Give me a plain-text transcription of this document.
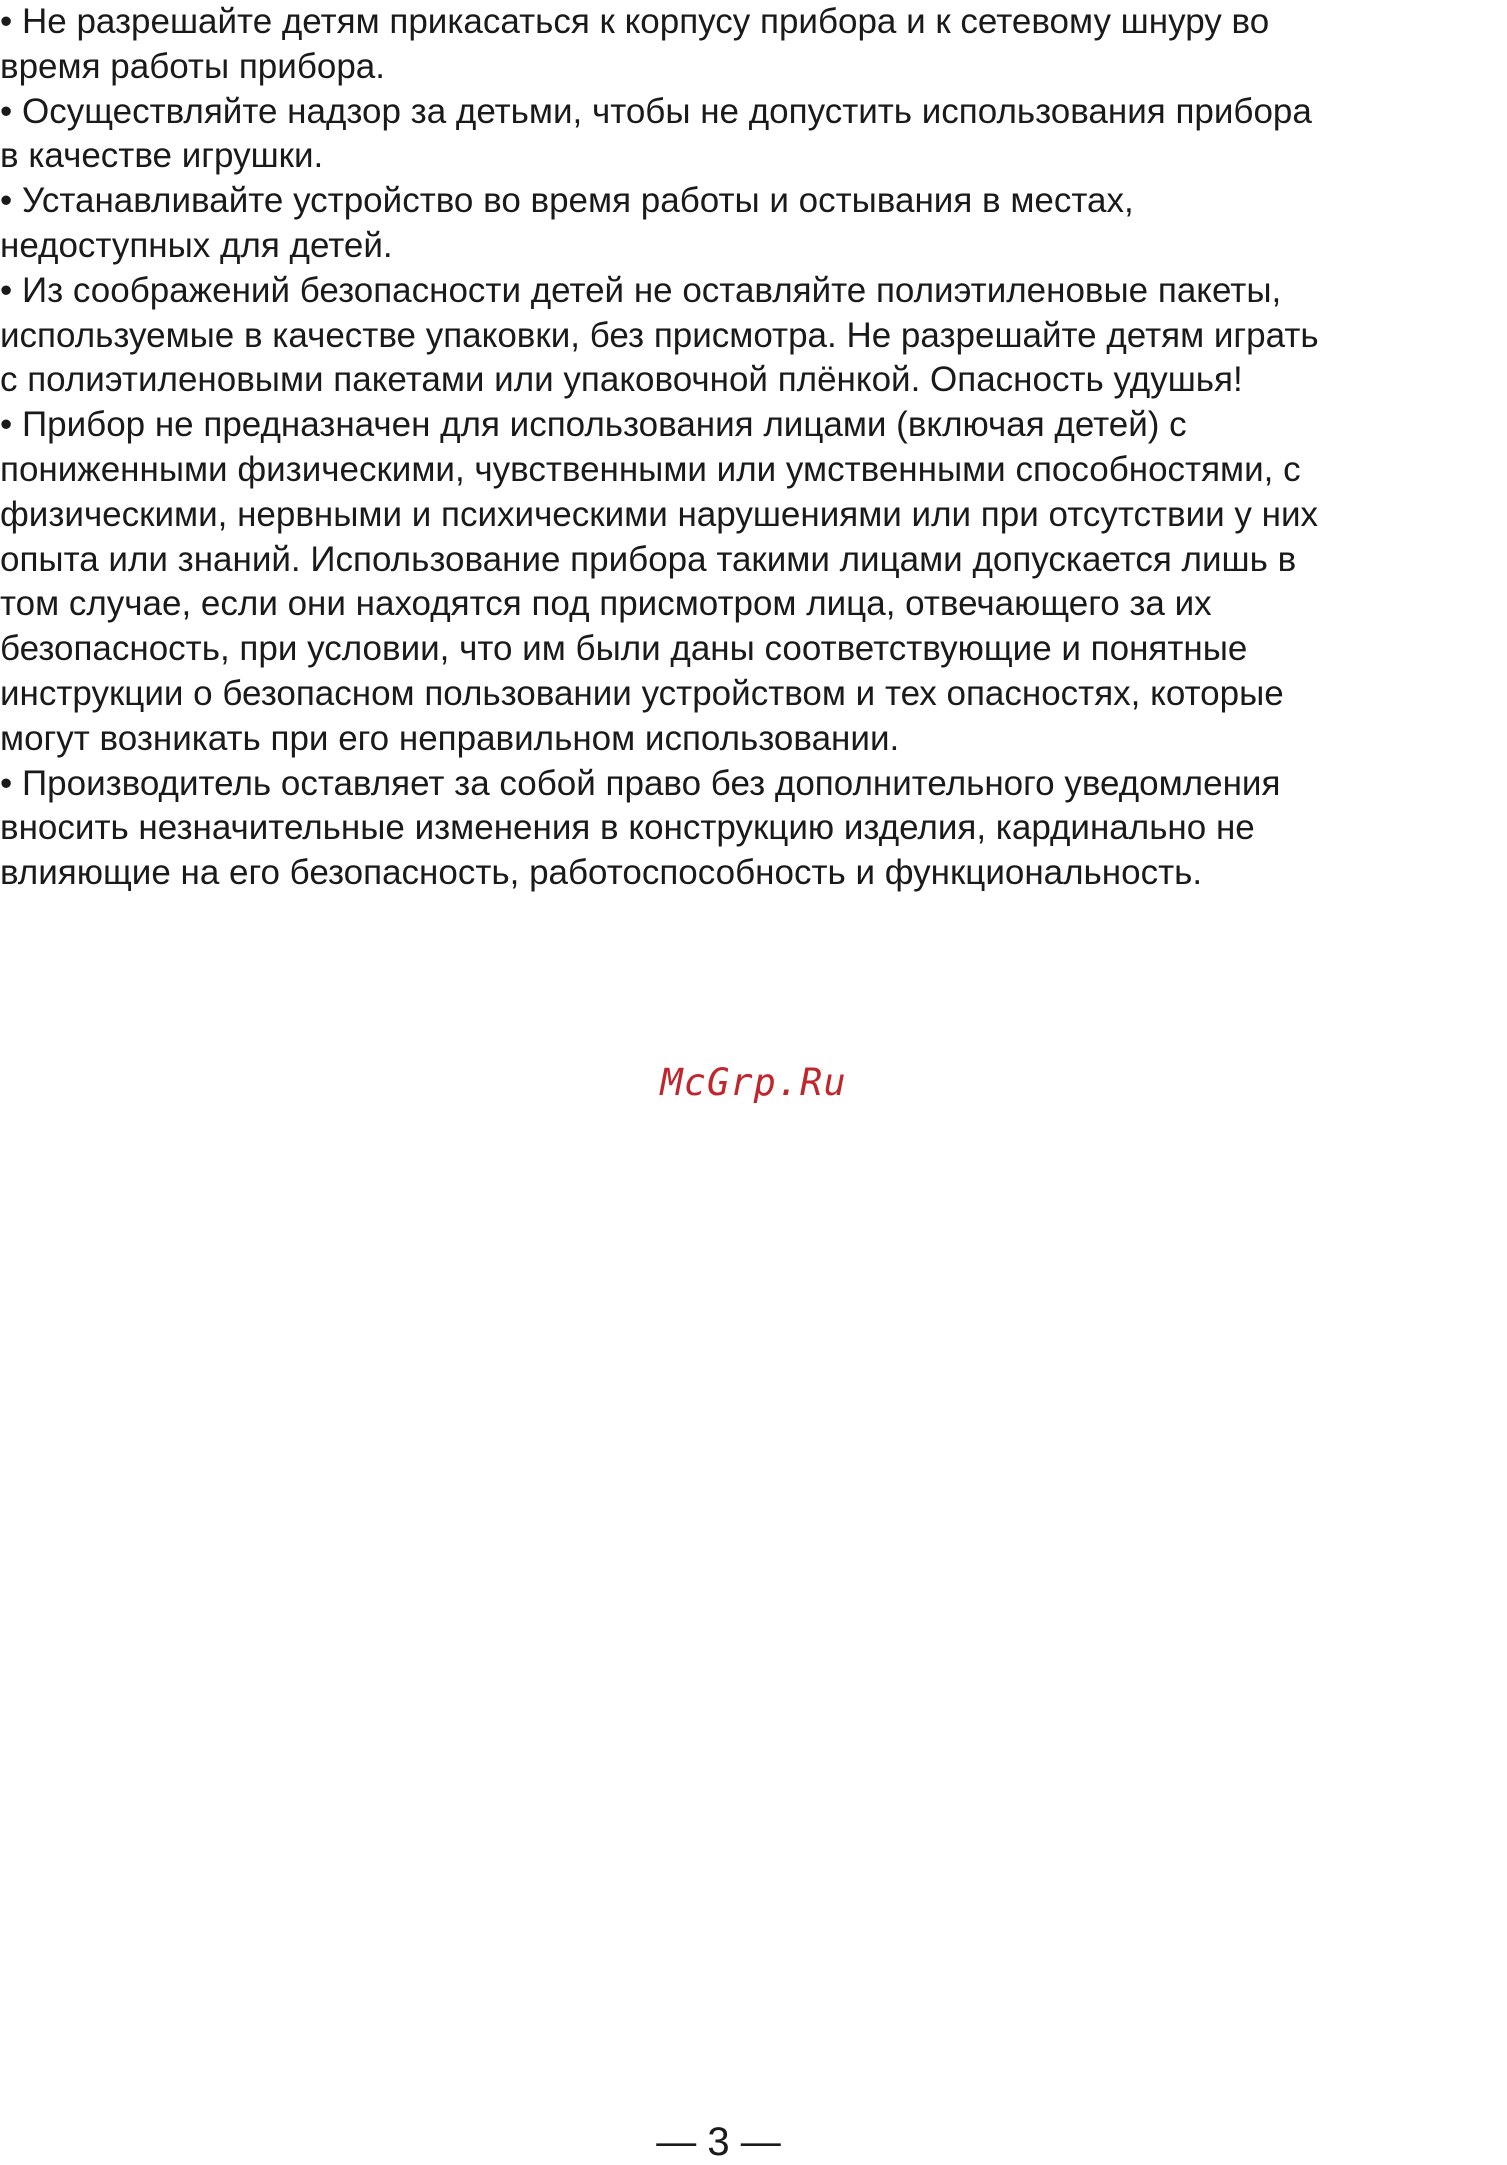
• Не разрешайте детям прикасаться к корпусу прибора и к сетевому шнуру во
время работы прибора.
• Осуществляйте надзор за детьми, чтобы не допустить использования прибора
в качестве игрушки.
• Устанавливайте устройство во время работы и остывания в местах,
недоступных для детей.
• Из соображений безопасности детей не оставляйте полиэтиленовые пакеты,
используемые в качестве упаковки, без присмотра. Не разрешайте детям играть
с полиэтиленовыми пакетами или упаковочной плёнкой. Опасность удушья!
• Прибор не предназначен для использования лицами (включая детей) с
пониженными физическими, чувственными или умственными способностями, с
физическими, нервными и психическими нарушениями или при отсутствии у них
опыта или знаний. Использование прибора такими лицами допускается лишь в
том случае, если они находятся под присмотром лица, отвечающего за их
безопасность, при условии, что им были даны соответствующие и понятные
инструкции о безопасном пользовании устройством и тех опасностях, которые
могут возникать при его неправильном использовании.
• Производитель оставляет за собой право без дополнительного уведомления
вносить незначительные изменения в конструкцию изделия, кардинально не
влияющие на его безопасность, работоспособность и функциональность.
McGrp.Ru
— 3 —
